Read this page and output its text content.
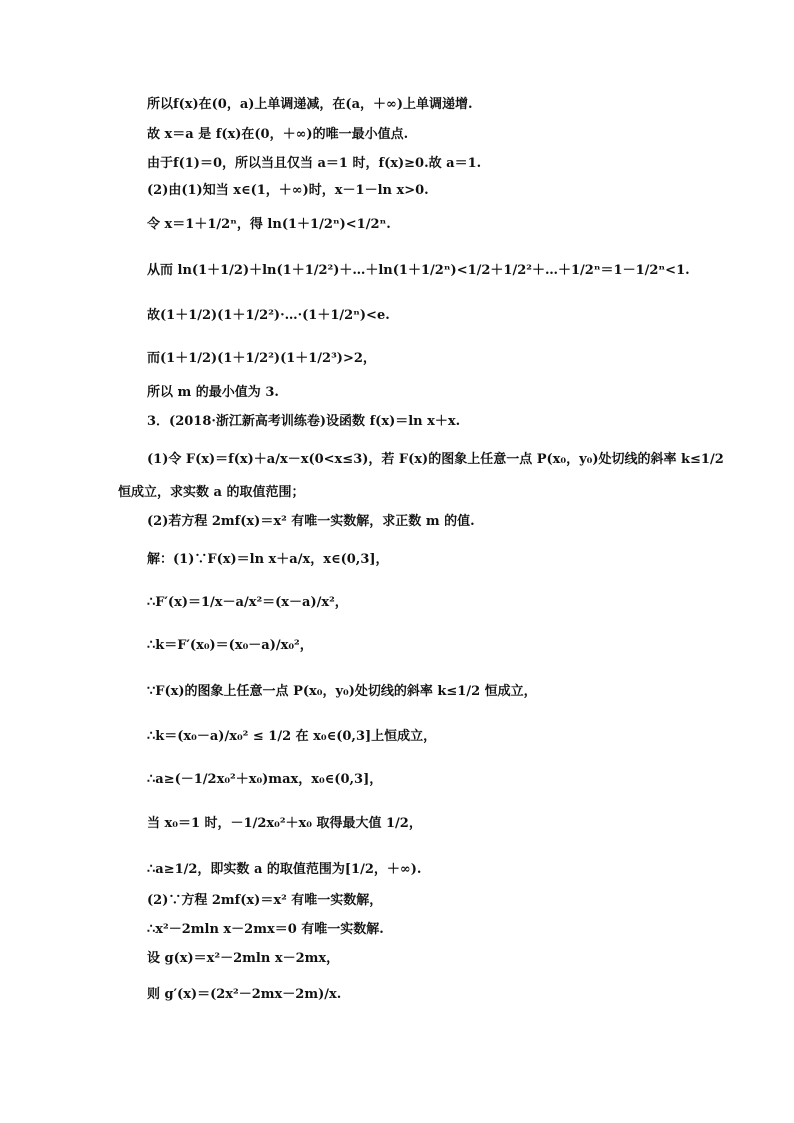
所以f(x)在(0，a)上单调递减，在(a，＋∞)上单调递增.
故 x＝a 是 f(x)在(0，＋∞)的唯一最小值点.
由于f(1)＝0，所以当且仅当 a＝1 时，f(x)≥0.故 a＝1.
(2)由(1)知当 x∈(1，＋∞)时，x－1－ln x>0.
令 x＝1＋1/2ⁿ，得 ln(1＋1/2ⁿ)<1/2ⁿ.
从而 ln(1＋1/2)＋ln(1＋1/2²)＋…＋ln(1＋1/2ⁿ)<1/2＋1/2²＋…＋1/2ⁿ＝1－1/2ⁿ<1.
故(1＋1/2)(1＋1/2²)·…·(1＋1/2ⁿ)<e.
而(1＋1/2)(1＋1/2²)(1＋1/2³)>2，
所以 m 的最小值为 3.
3．(2018·浙江新高考训练卷)设函数 f(x)＝ln x＋x.
(1)令 F(x)＝f(x)＋a/x－x(0<x≤3)，若 F(x)的图象上任意一点 P(x₀，y₀)处切线的斜率 k≤1/2
恒成立，求实数 a 的取值范围；
(2)若方程 2mf(x)＝x² 有唯一实数解，求正数 m 的值.
解：(1)∵F(x)＝ln x＋a/x，x∈(0,3]，
∴F′(x)＝1/x－a/x²＝(x－a)/x²，
∴k＝F′(x₀)＝(x₀－a)/x₀²，
∵F(x)的图象上任意一点 P(x₀，y₀)处切线的斜率 k≤1/2 恒成立，
∴k＝(x₀－a)/x₀² ≤ 1/2 在 x₀∈(0,3]上恒成立，
∴a≥(－1/2x₀²＋x₀)max，x₀∈(0,3]，
当 x₀＝1 时，－1/2x₀²＋x₀ 取得最大值 1/2，
∴a≥1/2，即实数 a 的取值范围为[1/2，＋∞).
(2)∵方程 2mf(x)＝x² 有唯一实数解，
∴x²－2mln x－2mx＝0 有唯一实数解.
设 g(x)＝x²－2mln x－2mx，
则 g′(x)＝(2x²－2mx－2m)/x.
